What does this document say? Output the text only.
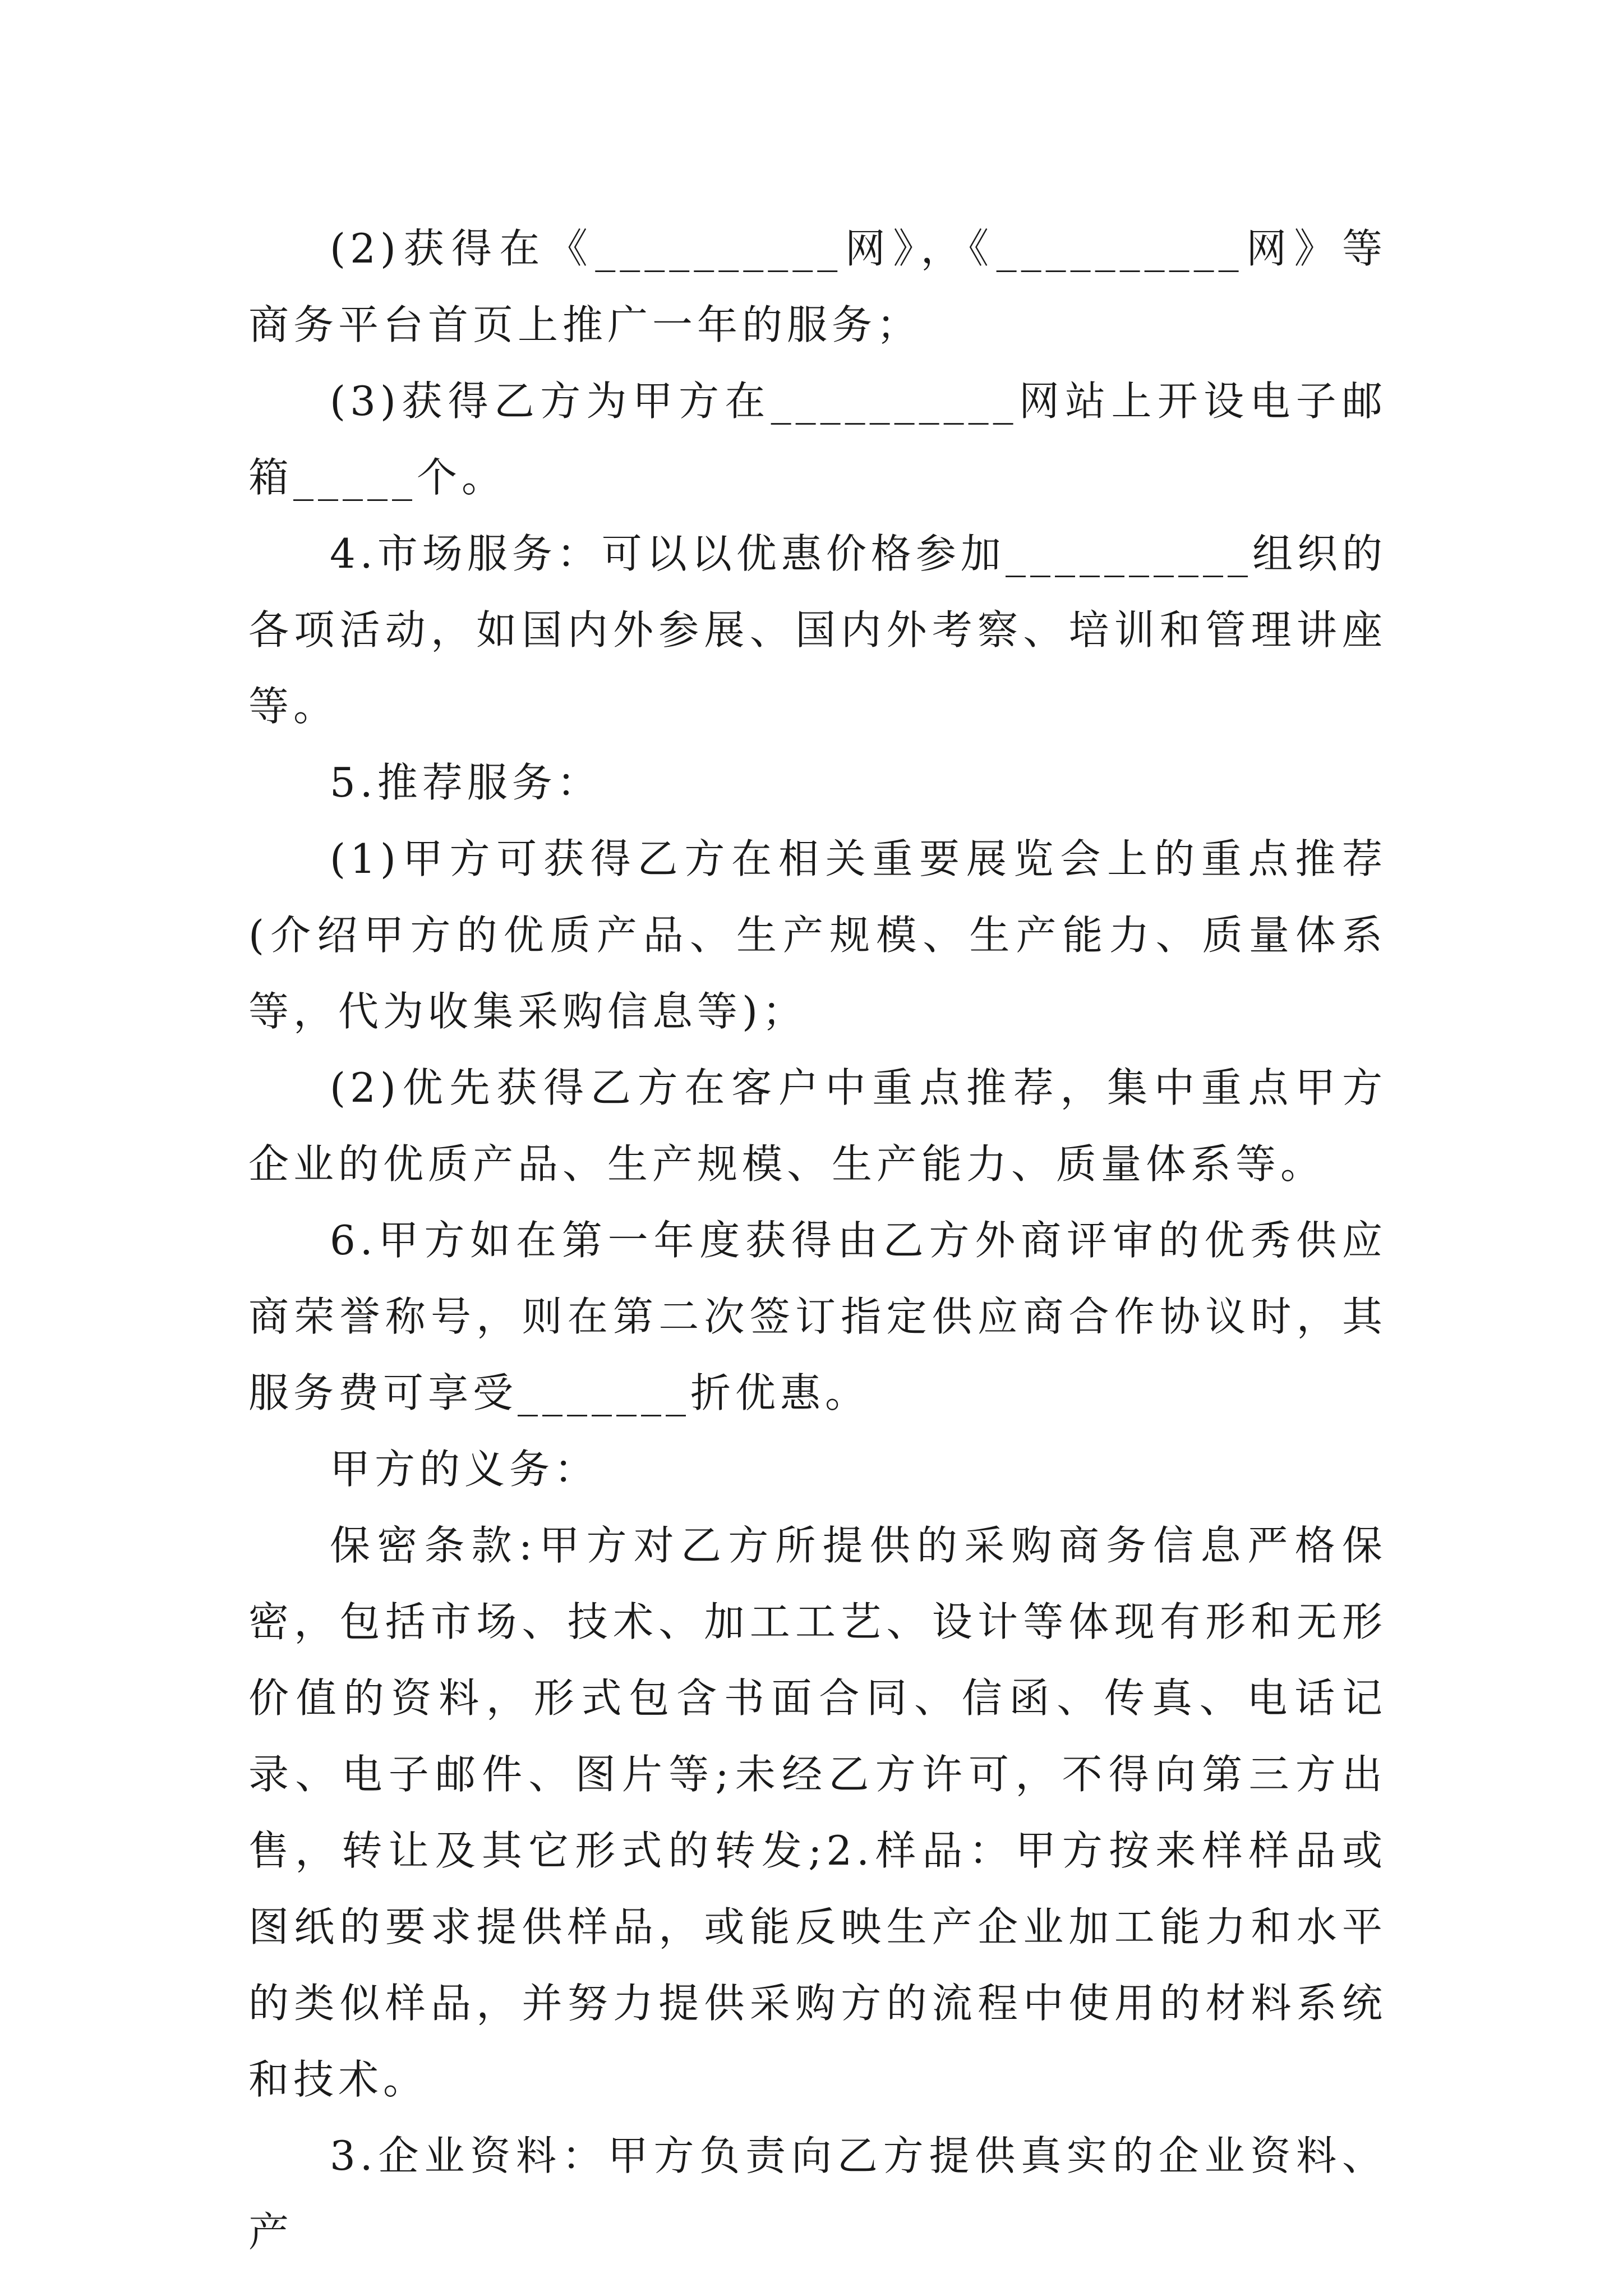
(2)获得在《__________网》，《__________网》等商务平台首页上推广一年的服务；

(3)获得乙方为甲方在__________网站上开设电子邮箱_____个。

4.市场服务：可以以优惠价格参加__________组织的各项活动，如国内外参展、国内外考察、培训和管理讲座等。

5.推荐服务：

(1)甲方可获得乙方在相关重要展览会上的重点推荐(介绍甲方的优质产品、生产规模、生产能力、质量体系等，代为收集采购信息等)；

(2)优先获得乙方在客户中重点推荐，集中重点甲方企业的优质产品、生产规模、生产能力、质量体系等。

6.甲方如在第一年度获得由乙方外商评审的优秀供应商荣誉称号，则在第二次签订指定供应商合作协议时，其服务费可享受_______折优惠。

甲方的义务：

保密条款:甲方对乙方所提供的采购商务信息严格保密，包括市场、技术、加工工艺、设计等体现有形和无形价值的资料，形式包含书面合同、信函、传真、电话记录、电子邮件、图片等;未经乙方许可，不得向第三方出售，转让及其它形式的转发;2.样品：甲方按来样样品或图纸的要求提供样品，或能反映生产企业加工能力和水平的类似样品，并努力提供采购方的流程中使用的材料系统和技术。

3.企业资料：甲方负责向乙方提供真实的企业资料、产
